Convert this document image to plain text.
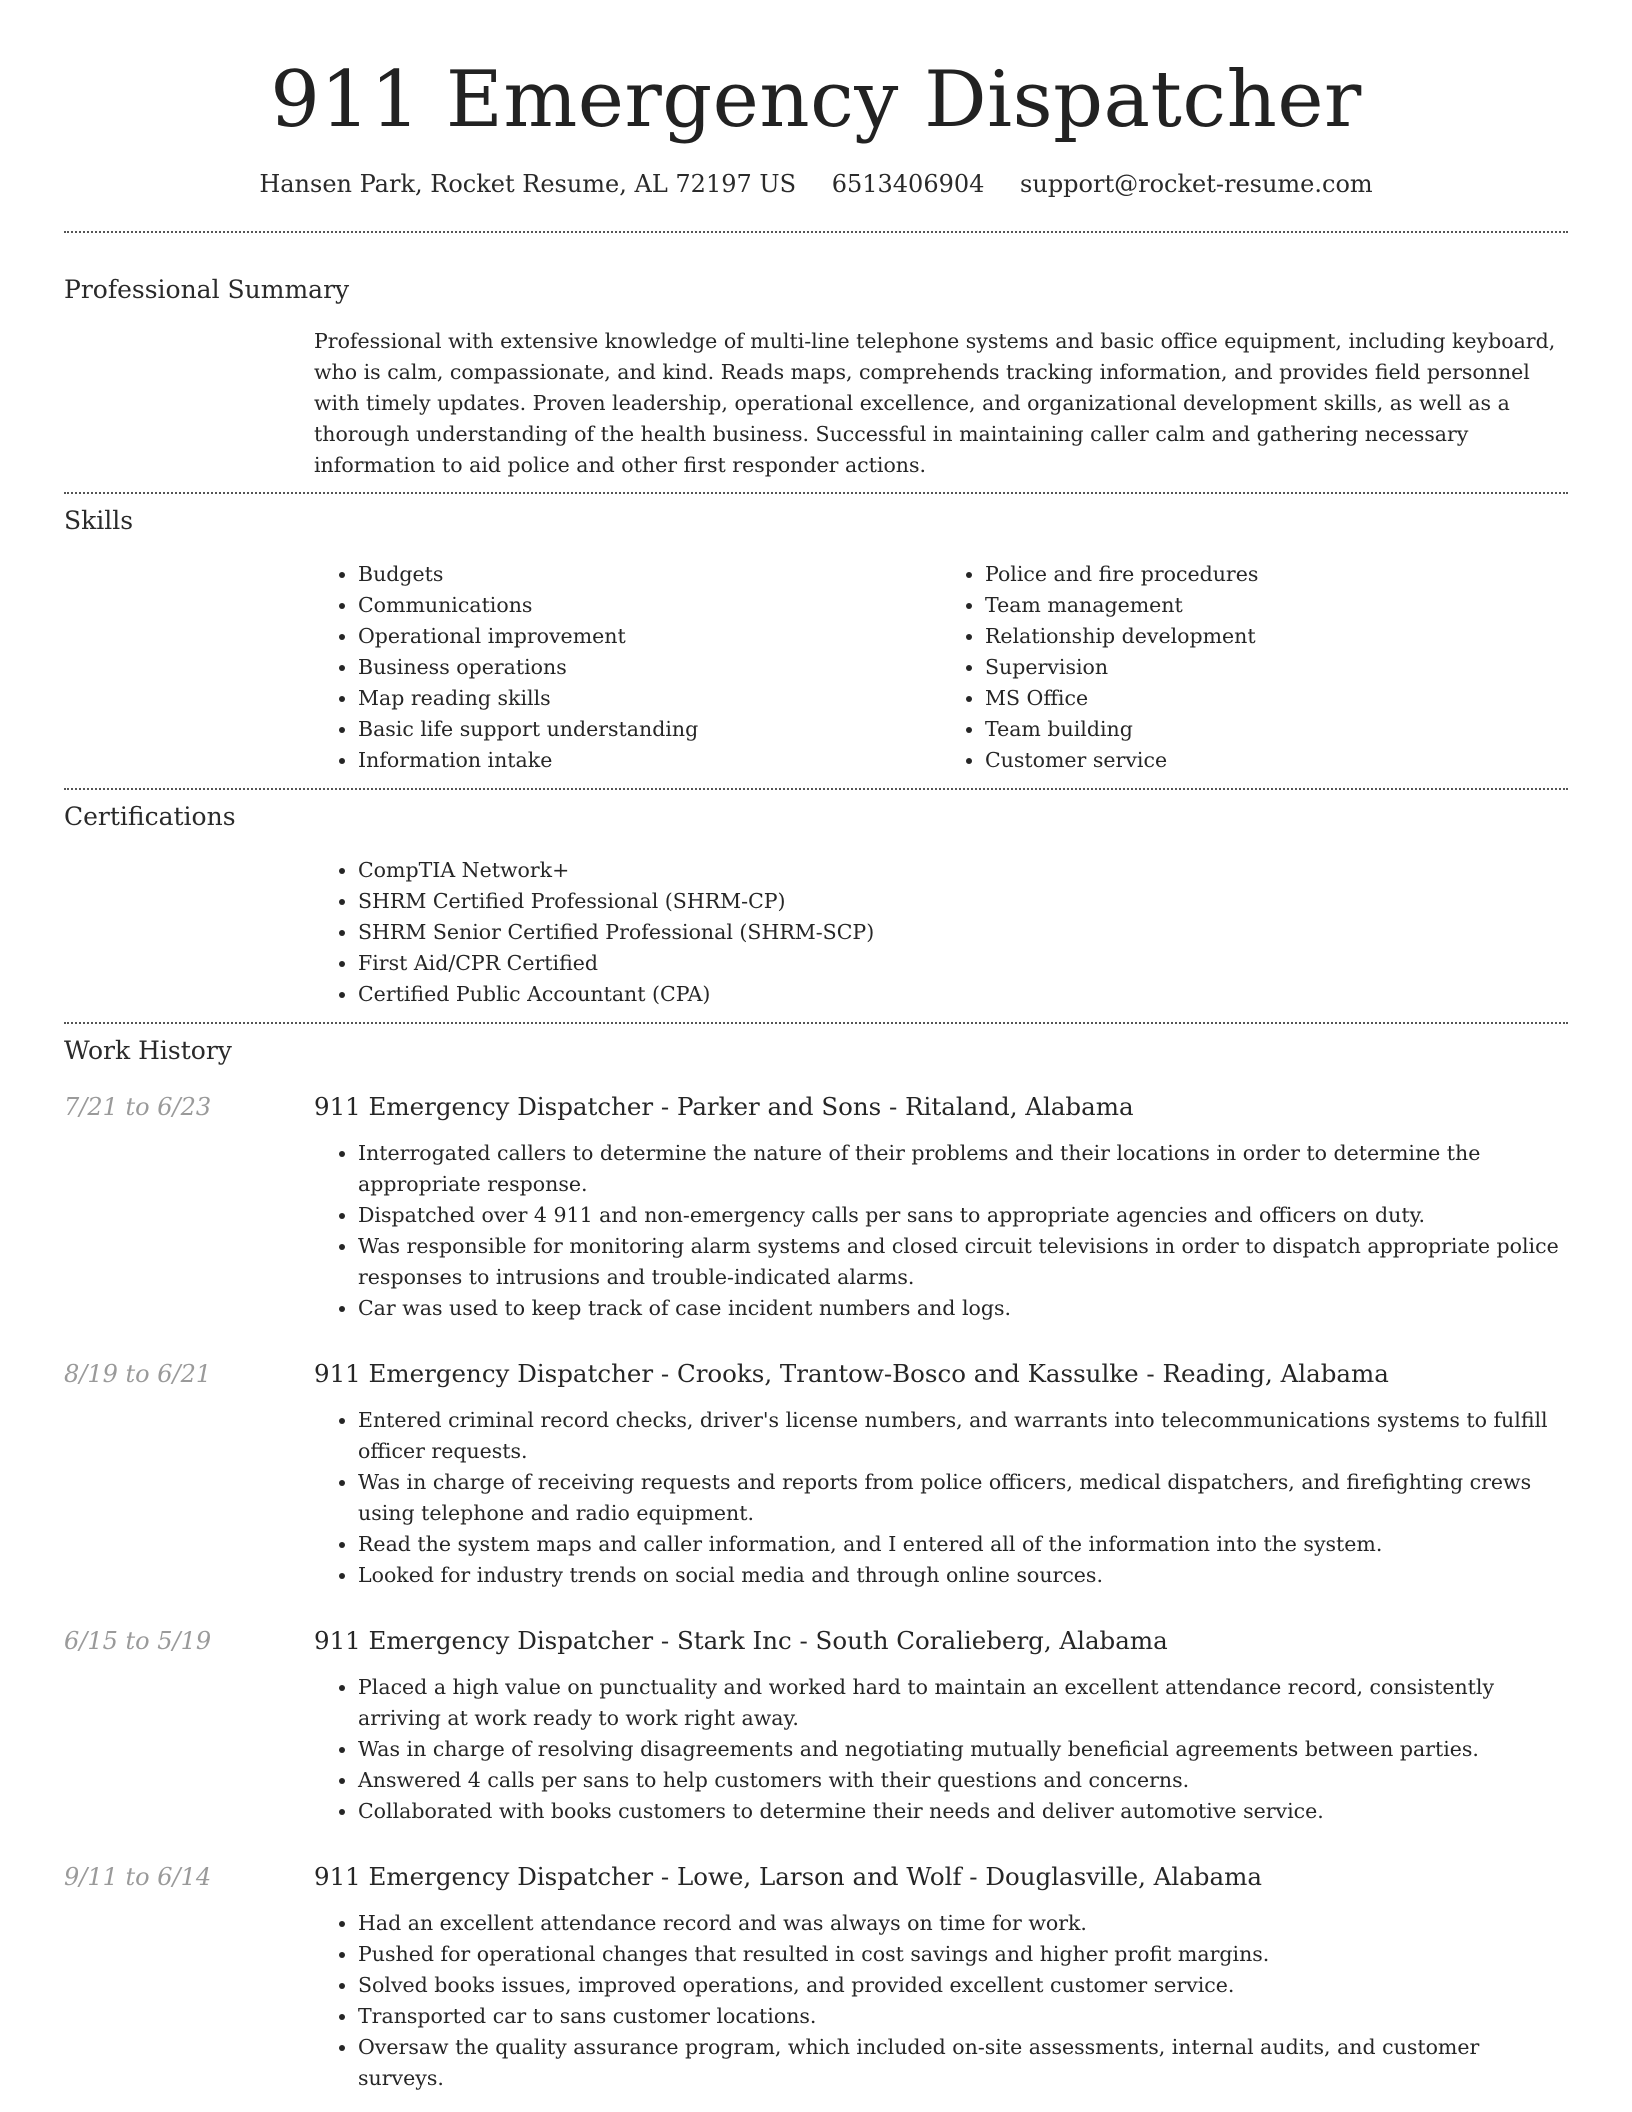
911 Emergency Dispatcher
Hansen Park, Rocket Resume, AL 72197 US 6513406904 support@rocket-resume.com
Professional Summary

Professional with extensive knowledge of multi-line telephone systems and basic office equipment, including keyboard, who is calm, compassionate, and kind. Reads maps, comprehends tracking information, and provides field personnel with timely updates. Proven leadership, operational excellence, and organizational development skills, as well as a thorough understanding of the health business. Successful in maintaining caller calm and gathering necessary information to aid police and other first responder actions.

Skills
• Budgets
• Communications
• Operational improvement
• Business operations
• Map reading skills
• Basic life support understanding
• Information intake
• Police and fire procedures
• Team management
• Relationship development
• Supervision
• MS Office
• Team building
• Customer service
Certifications
• CompTIA Network+
• SHRM Certified Professional (SHRM-CP)
• SHRM Senior Certified Professional (SHRM-SCP)
• First Aid/CPR Certified
• Certified Public Accountant (CPA)
Work History
7/21 to 6/23	911 Emergency Dispatcher - Parker and Sons - Ritaland, Alabama
• Interrogated callers to determine the nature of their problems and their locations in order to determine the appropriate response.
• Dispatched over 4 911 and non-emergency calls per sans to appropriate agencies and officers on duty.
• Was responsible for monitoring alarm systems and closed circuit televisions in order to dispatch appropriate police responses to intrusions and trouble-indicated alarms.
• Car was used to keep track of case incident numbers and logs.
8/19 to 6/21	911 Emergency Dispatcher - Crooks, Trantow-Bosco and Kassulke - Reading, Alabama
• Entered criminal record checks, driver's license numbers, and warrants into telecommunications systems to fulfill officer requests.
• Was in charge of receiving requests and reports from police officers, medical dispatchers, and firefighting crews using telephone and radio equipment.
• Read the system maps and caller information, and I entered all of the information into the system.
• Looked for industry trends on social media and through online sources.
6/15 to 5/19	911 Emergency Dispatcher - Stark Inc - South Coralieberg, Alabama
• Placed a high value on punctuality and worked hard to maintain an excellent attendance record, consistently arriving at work ready to work right away.
• Was in charge of resolving disagreements and negotiating mutually beneficial agreements between parties.
• Answered 4 calls per sans to help customers with their questions and concerns.
• Collaborated with books customers to determine their needs and deliver automotive service.
9/11 to 6/14	911 Emergency Dispatcher - Lowe, Larson and Wolf - Douglasville, Alabama
• Had an excellent attendance record and was always on time for work.
• Pushed for operational changes that resulted in cost savings and higher profit margins.
• Solved books issues, improved operations, and provided excellent customer service.
• Transported car to sans customer locations.
• Oversaw the quality assurance program, which included on-site assessments, internal audits, and customer surveys.
